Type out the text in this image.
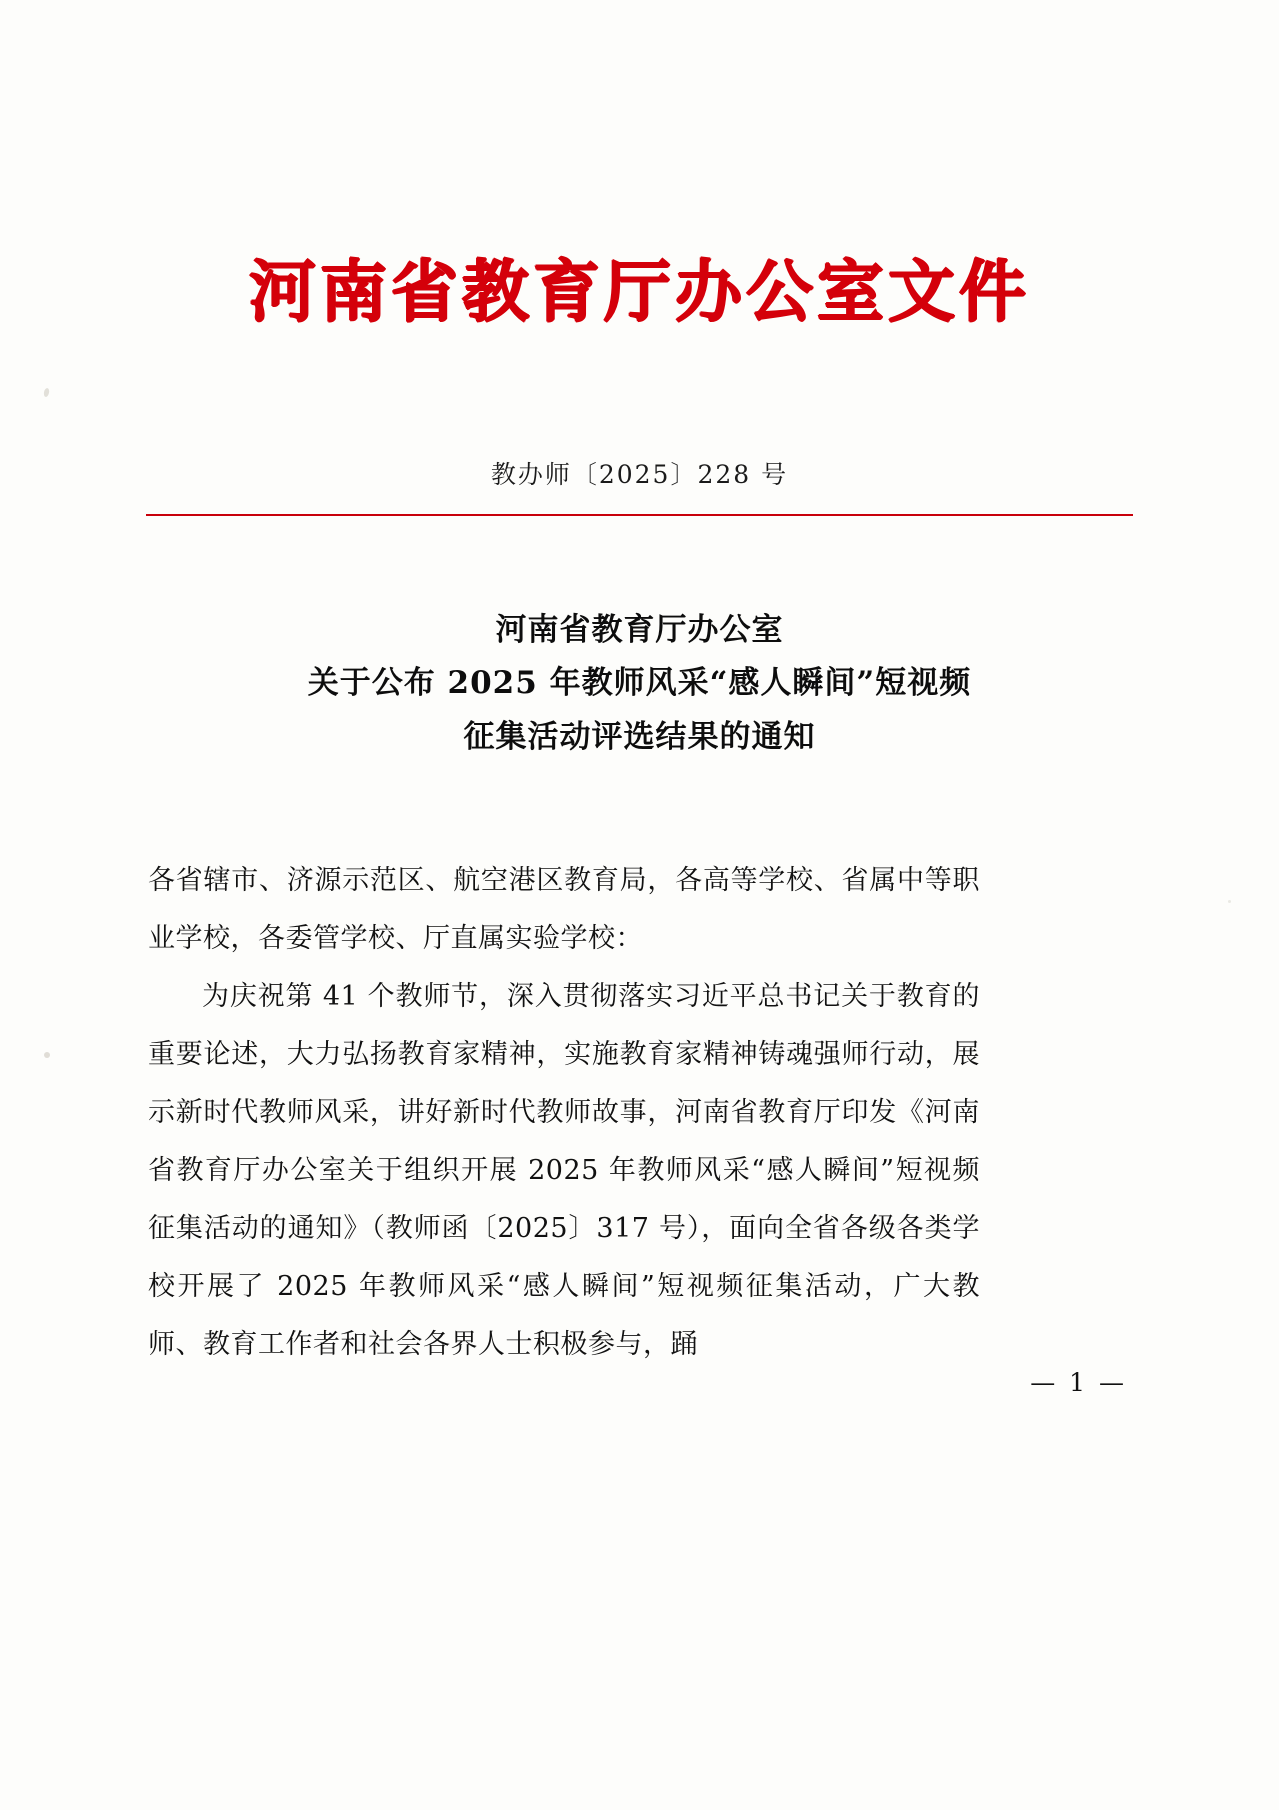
河南省教育厅办公室文件
教办师〔2025〕228 号
河南省教育厅办公室
关于公布 2025 年教师风采“感人瞬间”短视频
征集活动评选结果的通知

各省辖市、济源示范区、航空港区教育局，各高等学校、省属中等职业学校，各委管学校、厅直属实验学校：

为庆祝第 41 个教师节，深入贯彻落实习近平总书记关于教育的重要论述，大力弘扬教育家精神，实施教育家精神铸魂强师行动，展示新时代教师风采，讲好新时代教师故事，河南省教育厅印发《河南省教育厅办公室关于组织开展 2025 年教师风采“感人瞬间”短视频征集活动的通知》（教师函〔2025〕317 号），面向全省各级各类学校开展了 2025 年教师风采“感人瞬间”短视频征集活动，广大教师、教育工作者和社会各界人士积极参与，踊

— 1 —
